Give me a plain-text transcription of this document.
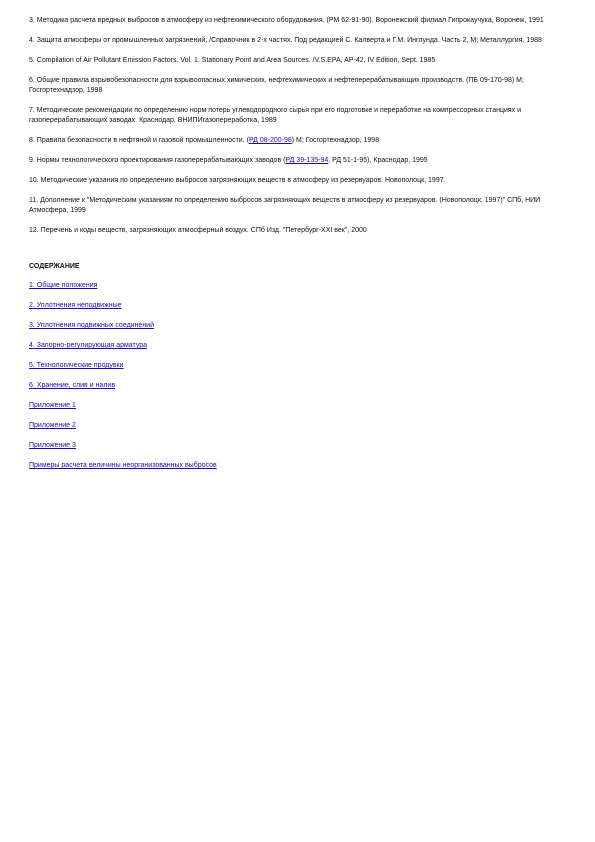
3. Методика расчета вредных выбросов в атмосферу из нефтехимического оборудования. (РМ 62-91-90). Воронежский филиал Гипрокаучука, Воронеж, 1991

4. Защита атмосферы от промышленных загрязнений, /Справочник в 2-х частях. Под редакцией С. Калверта и Г.М. Инглунда. Часть 2, М; Металлургия, 1988

5. Compilation of Air Pollutant Emission Factors. Vol. 1. Stationary Point and Area Sources. /V.S.EPA, AP-42, IV Edition, Sept. 1985

6. Общие правила взрывобезопасности для взрывоопасных химических, нефтехимических и нефтеперерабатывающих производств. (ПБ 09-170-98) М; Госгортехнадзор, 1998

7. Методические рекомендации по определению норм потерь углеводородного сырья при его подготовке и переработке на компрессорных станциях и газоперерабатывающих заводах. Краснодар, ВНИПИгазопереработка, 1989

8. Правила безопасности в нефтяной и газовой промышленности. (РД 08-200-98) М; Госгортехнадзор, 1998

9. Нормы технологического проектирования газоперерабатывающих заводов (РД 39-135-94, РД 51-1-95), Краснодар, 1995

10. Методические указания по определению выбросов загрязняющих веществ в атмосферу из резервуаров. Новополоцк, 1997.

11. Дополнение к "Методическим указаниям по определению выбросов загрязняющих веществ в атмосферу из резервуаров. (Новополоцк, 1997)" СПб, НИИ Атмосфера, 1999

12. Перечень и коды веществ, загрязняющих атмосферный воздух. СПб Изд. "Петербург-XXI век", 2000

СОДЕРЖАНИЕ

1. Общие положения

2. Уплотнения неподвижные

3. Уплотнения подвижных соединений

4. Запорно-регулирующая арматура

5. Технологические продувки

6. Хранение, слив и налив

Приложение 1

Приложение 2

Приложение 3

Примеры расчета величины неорганизованных выбросов
